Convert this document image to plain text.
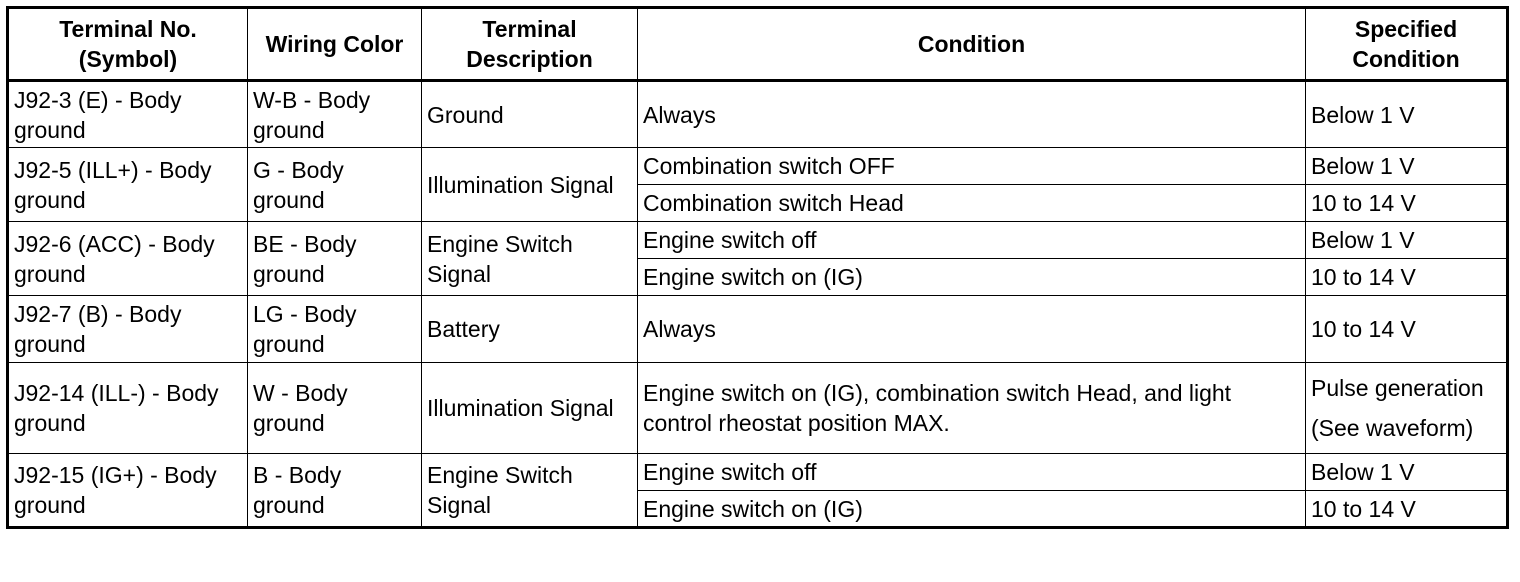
Terminal No.
(Symbol)	Wiring Color	Terminal
Description	Condition	Specified
Condition

J92-3 (E) - Body
ground	W-B - Body
ground	Ground	Always	Below 1 V

J92-5 (ILL+) - Body
ground	G - Body
ground	Illumination Signal	Combination switch OFF	Below 1 V

			Combination switch Head	10 to 14 V

J92-6 (ACC) - Body
ground	BE - Body
ground	Engine Switch
Signal	Engine switch off	Below 1 V

			Engine switch on (IG)	10 to 14 V

J92-7 (B) - Body
ground	LG - Body
ground	Battery	Always	10 to 14 V

J92-14 (ILL-) - Body
ground	W - Body
ground	Illumination Signal	Engine switch on (IG), combination switch Head, and light
control rheostat position MAX.	Pulse generation
(See waveform)

J92-15 (IG+) - Body
ground	B - Body
ground	Engine Switch
Signal	Engine switch off	Below 1 V

			Engine switch on (IG)	10 to 14 V
